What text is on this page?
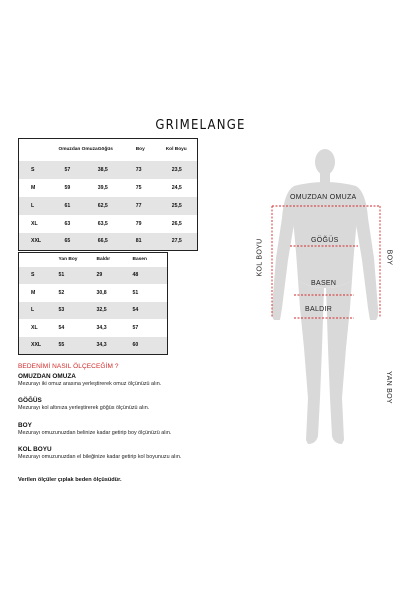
GRIMELANGE
	Omuzdan Omuza	Göğüs	Boy	Kol Boyu
S	57	38,5	73	23,5
M	59	39,5	75	24,5
L	61	62,5	77	25,5
XL	63	63,5	79	26,5
XXL	65	66,5	81	27,5
	Yan Boy	Baldır	Basen
S	51	29	48
M	52	30,8	51
L	53	32,5	54
XL	54	34,3	57
XXL	55	34,3	60
BEDENİMİ NASIL ÖLÇECEĞİM ?
OMUZDAN OMUZA
Mezurayı iki omuz arasına yerleştirerek omuz ölçünüzü alın.
GÖĞÜS
Mezurayı kol altınıza yerleştirerek göğüs ölçünüzü alın.
BOY
Mezurayı omuzunuzdan belinize kadar getirip boy ölçünüzü alın.
KOL BOYU
Mezurayı omuzunuzdan el bileğinize kadar getirip kol boyunuzu alın.
Verilen ölçüler çıplak beden ölçüsüdür.
OMUZDAN OMUZA
GÖĞÜS
BASEN
BALDIR
KOL BOYU	BOY
YAN BOY
